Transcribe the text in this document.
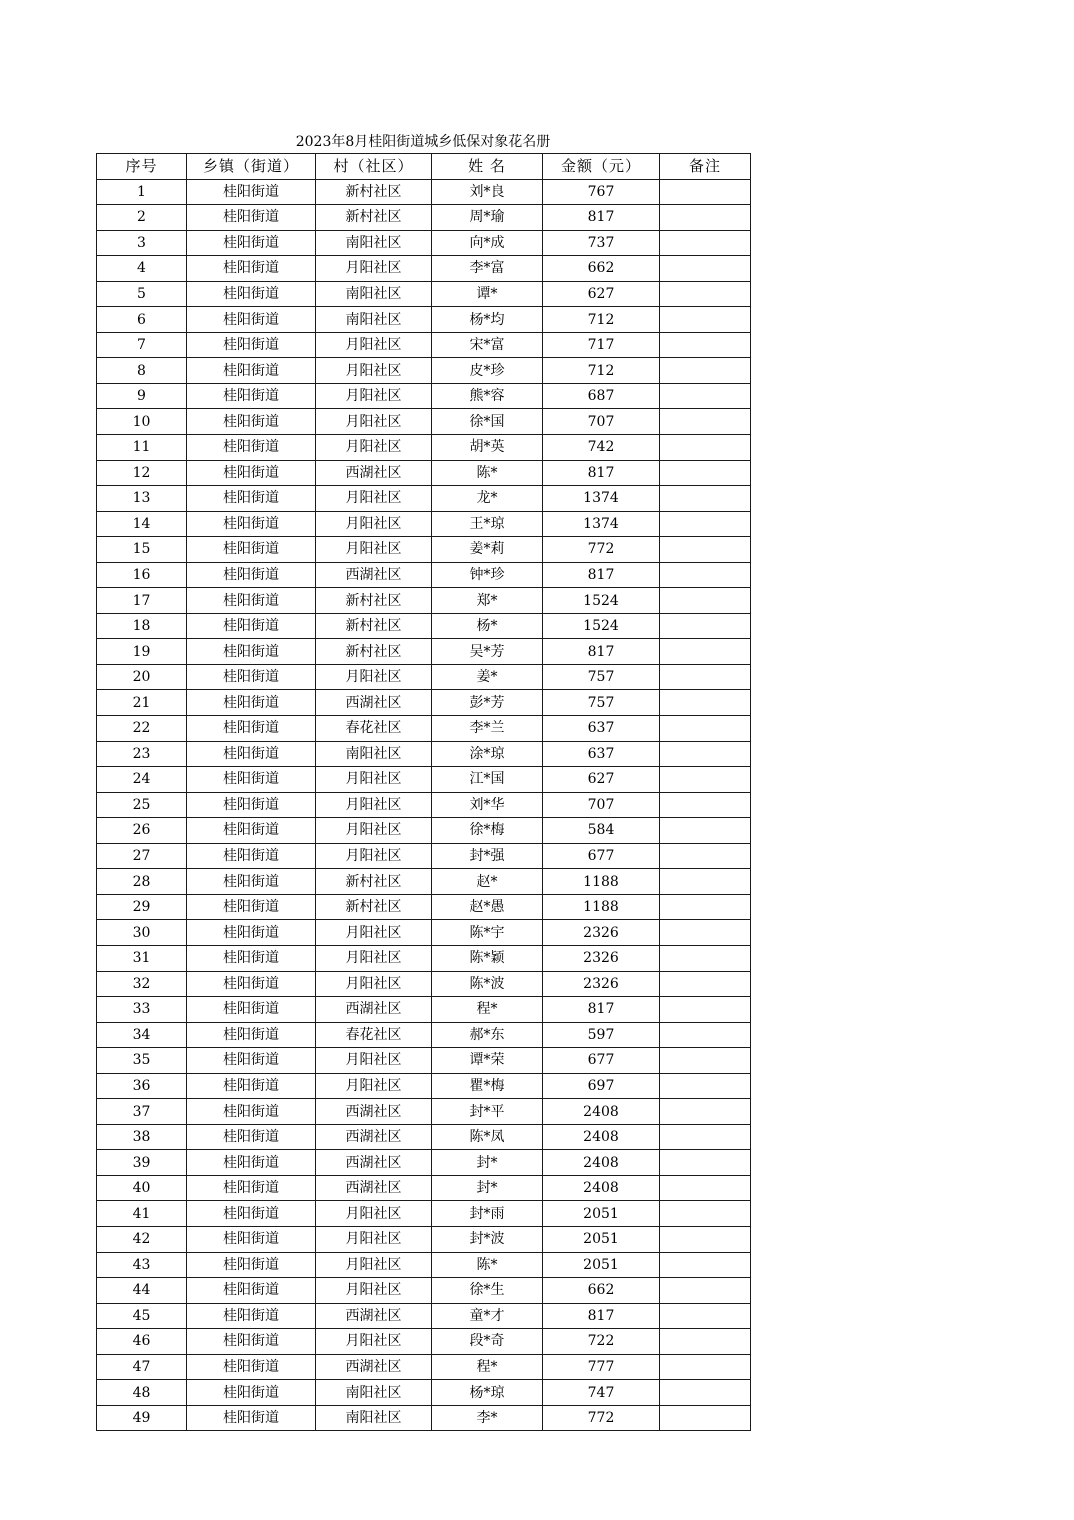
2023年8月桂阳街道城乡低保对象花名册
序号	乡镇（街道）	村（社区）	姓 名	金额（元）	备注
1	桂阳街道	新村社区	刘*良	767	
2	桂阳街道	新村社区	周*瑜	817	
3	桂阳街道	南阳社区	向*成	737	
4	桂阳街道	月阳社区	李*富	662	
5	桂阳街道	南阳社区	谭*	627	
6	桂阳街道	南阳社区	杨*均	712	
7	桂阳街道	月阳社区	宋*富	717	
8	桂阳街道	月阳社区	皮*珍	712	
9	桂阳街道	月阳社区	熊*容	687	
10	桂阳街道	月阳社区	徐*国	707	
11	桂阳街道	月阳社区	胡*英	742	
12	桂阳街道	西湖社区	陈*	817	
13	桂阳街道	月阳社区	龙*	1374	
14	桂阳街道	月阳社区	王*琼	1374	
15	桂阳街道	月阳社区	姜*莉	772	
16	桂阳街道	西湖社区	钟*珍	817	
17	桂阳街道	新村社区	郑*	1524	
18	桂阳街道	新村社区	杨*	1524	
19	桂阳街道	新村社区	吴*芳	817	
20	桂阳街道	月阳社区	姜*	757	
21	桂阳街道	西湖社区	彭*芳	757	
22	桂阳街道	春花社区	李*兰	637	
23	桂阳街道	南阳社区	涂*琼	637	
24	桂阳街道	月阳社区	江*国	627	
25	桂阳街道	月阳社区	刘*华	707	
26	桂阳街道	月阳社区	徐*梅	584	
27	桂阳街道	月阳社区	封*强	677	
28	桂阳街道	新村社区	赵*	1188	
29	桂阳街道	新村社区	赵*愚	1188	
30	桂阳街道	月阳社区	陈*宇	2326	
31	桂阳街道	月阳社区	陈*颖	2326	
32	桂阳街道	月阳社区	陈*波	2326	
33	桂阳街道	西湖社区	程*	817	
34	桂阳街道	春花社区	郝*东	597	
35	桂阳街道	月阳社区	谭*荣	677	
36	桂阳街道	月阳社区	瞿*梅	697	
37	桂阳街道	西湖社区	封*平	2408	
38	桂阳街道	西湖社区	陈*凤	2408	
39	桂阳街道	西湖社区	封*	2408	
40	桂阳街道	西湖社区	封*	2408	
41	桂阳街道	月阳社区	封*雨	2051	
42	桂阳街道	月阳社区	封*波	2051	
43	桂阳街道	月阳社区	陈*	2051	
44	桂阳街道	月阳社区	徐*生	662	
45	桂阳街道	西湖社区	童*才	817	
46	桂阳街道	月阳社区	段*奇	722	
47	桂阳街道	西湖社区	程*	777	
48	桂阳街道	南阳社区	杨*琼	747	
49	桂阳街道	南阳社区	李*	772	
